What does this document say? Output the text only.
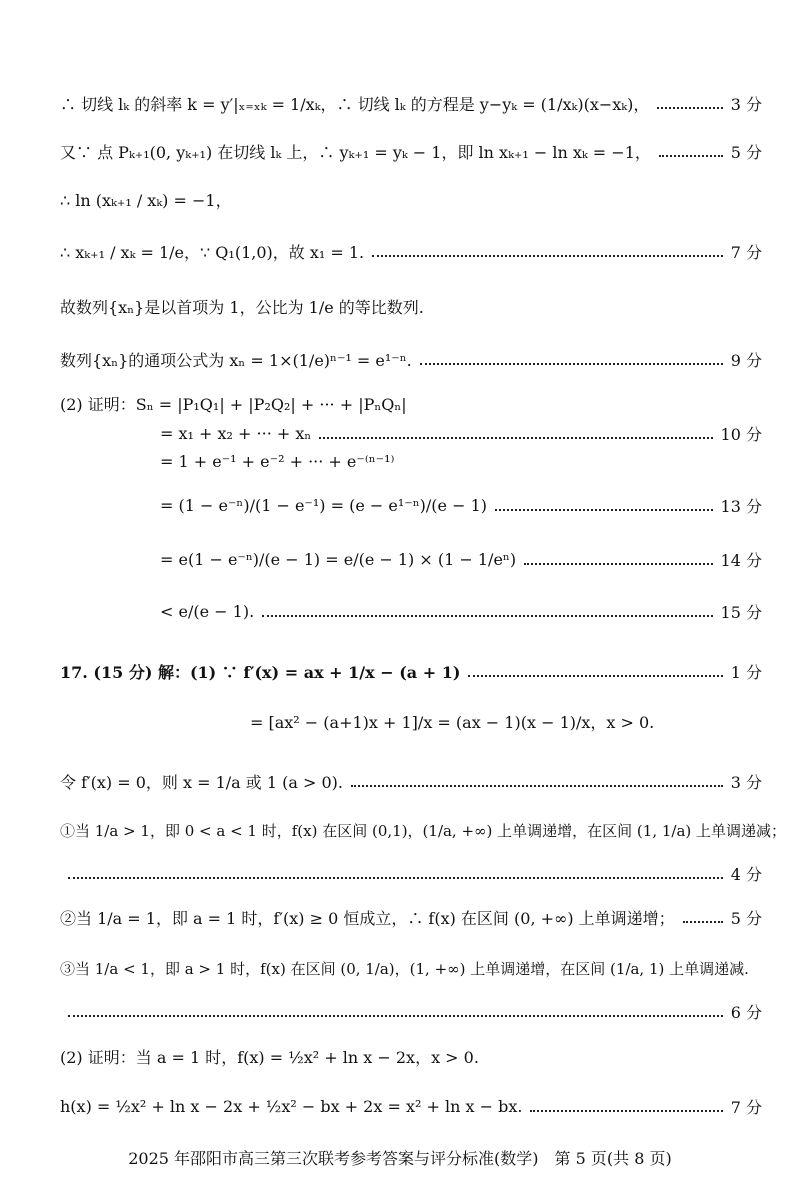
∴ 切线 lₖ 的斜率 k = y′|ₓ₌ₓₖ = 1/xₖ，∴ 切线 lₖ 的方程是 y−yₖ = (1/xₖ)(x−xₖ)，	3 分
又∵ 点 Pₖ₊₁(0, yₖ₊₁) 在切线 lₖ 上，∴ yₖ₊₁ = yₖ − 1，即 ln xₖ₊₁ − ln xₖ = −1，	5 分
∴ ln (xₖ₊₁ / xₖ) = −1，
∴ xₖ₊₁ / xₖ = 1/e，∵ Q₁(1,0)，故 x₁ = 1.	7 分
故数列{xₙ}是以首项为 1，公比为 1/e 的等比数列.
数列{xₙ}的通项公式为 xₙ = 1×(1/e)ⁿ⁻¹ = e¹⁻ⁿ.	9 分
(2) 证明：Sₙ = |P₁Q₁| + |P₂Q₂| + ··· + |PₙQₙ|
= x₁ + x₂ + ··· + xₙ	10 分
= 1 + e⁻¹ + e⁻² + ··· + e⁻⁽ⁿ⁻¹⁾
= (1 − e⁻ⁿ)/(1 − e⁻¹) = (e − e¹⁻ⁿ)/(e − 1)	13 分
= e(1 − e⁻ⁿ)/(e − 1) = e/(e − 1) × (1 − 1/eⁿ)	14 分
< e/(e − 1).	15 分
17. (15 分) 解：(1) ∵ f′(x) = ax + 1/x − (a + 1)	1 分
= [ax² − (a+1)x + 1]/x = (ax − 1)(x − 1)/x，x > 0.
令 f′(x) = 0，则 x = 1/a 或 1 (a > 0).	3 分
①当 1/a > 1，即 0 < a < 1 时，f(x) 在区间 (0,1)，(1/a, +∞) 上单调递增，在区间 (1, 1/a) 上单调递减；
4 分
②当 1/a = 1，即 a = 1 时，f′(x) ≥ 0 恒成立，∴ f(x) 在区间 (0, +∞) 上单调递增；	5 分
③当 1/a < 1，即 a > 1 时，f(x) 在区间 (0, 1/a)，(1, +∞) 上单调递增，在区间 (1/a, 1) 上单调递减.
6 分
(2) 证明：当 a = 1 时，f(x) = ½x² + ln x − 2x，x > 0.
h(x) = ½x² + ln x − 2x + ½x² − bx + 2x = x² + ln x − bx.	7 分
2025 年邵阳市高三第三次联考参考答案与评分标准(数学)　第 5 页(共 8 页)
